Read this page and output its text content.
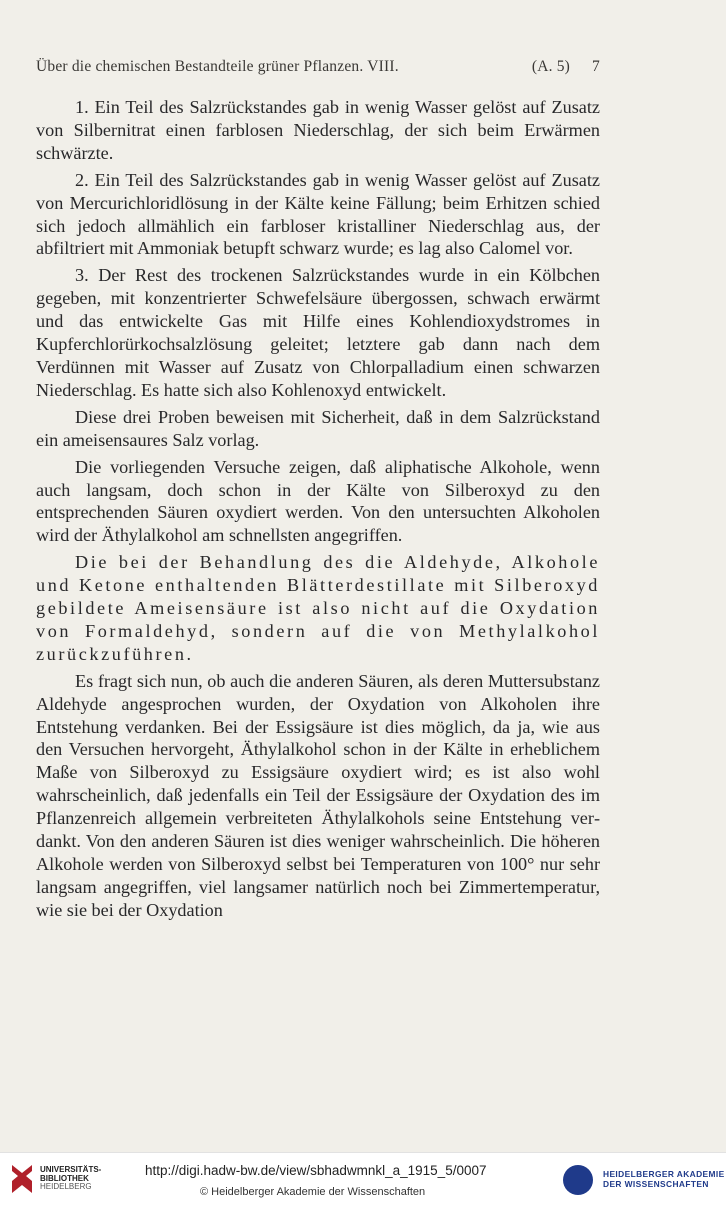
Über die chemischen Bestandteile grüner Pflanzen. VIII.	(A. 5) 7

1. Ein Teil des Salzrückstandes gab in wenig Wasser gelöst auf Zusatz von Silbernitrat einen farblosen Niederschlag, der sich beim Erwärmen schwärzte.

2. Ein Teil des Salzrückstandes gab in wenig Wasser gelöst auf Zusatz von Mercurichloridlösung in der Kälte keine Fällung; beim Erhitzen schied sich jedoch allmählich ein farbloser kristalliner Niederschlag aus, der abfiltriert mit Ammoniak betupft schwarz wurde; es lag also Calomel vor.

3. Der Rest des trockenen Salzrückstandes wurde in ein Kölbchen gegeben, mit konzentrierter Schwefelsäure übergossen, schwach erwärmt und das entwickelte Gas mit Hilfe eines Kohlendioxydstromes in Kupferchlorürkochsalzlösung geleitet; letztere gab dann nach dem Verdünnen mit Wasser auf Zusatz von Chlorpalladium einen schwarzen Niederschlag. Es hatte sich also Kohlenoxyd entwickelt.

Diese drei Proben beweisen mit Sicherheit, daß in dem Salzrückstand ein ameisensaures Salz vorlag.

Die vorliegenden Versuche zeigen, daß aliphatische Alkohole, wenn auch langsam, doch schon in der Kälte von Silberoxyd zu den entsprechenden Säuren oxydiert werden. Von den untersuchten Alkoholen wird der Äthylalkohol am schnellsten angegriffen.

Die bei der Behandlung des die Aldehyde, Alkohole und Ketone enthaltenden Blätterdestillate mit Silberoxyd gebildete Ameisensäure ist also nicht auf die Oxydation von Formaldehyd, sondern auf die von Methylalkohol zurückzuführen.

Es fragt sich nun, ob auch die anderen Säuren, als deren Muttersubstanz Aldehyde angesprochen wurden, der Oxydation von Alkoholen ihre Entstehung verdanken. Bei der Essigsäure ist dies möglich, da ja, wie aus den Versuchen hervorgeht, Äthylalkohol schon in der Kälte in erheblichem Maße von Silberoxyd zu Essigsäure oxydiert wird; es ist also wohl wahrscheinlich, daß jedenfalls ein Teil der Essigsäure der Oxydation des im Pflanzenreich allgemein verbreiteten Äthylalkohols seine Entstehung verdankt. Von den anderen Säuren ist dies weniger wahrscheinlich. Die höheren Alkohole werden von Silberoxyd selbst bei Temperaturen von 100° nur sehr langsam angegriffen, viel langsamer natürlich noch bei Zimmertemperatur, wie sie bei der Oxydation

UNIVERSITÄTS-
BIBLIOTHEK
HEIDELBERG
http://digi.hadw-bw.de/view/sbhadwmnkl_a_1915_5/0007
© Heidelberger Akademie der Wissenschaften
HEIDELBERGER AKADEMIE
DER WISSENSCHAFTEN
